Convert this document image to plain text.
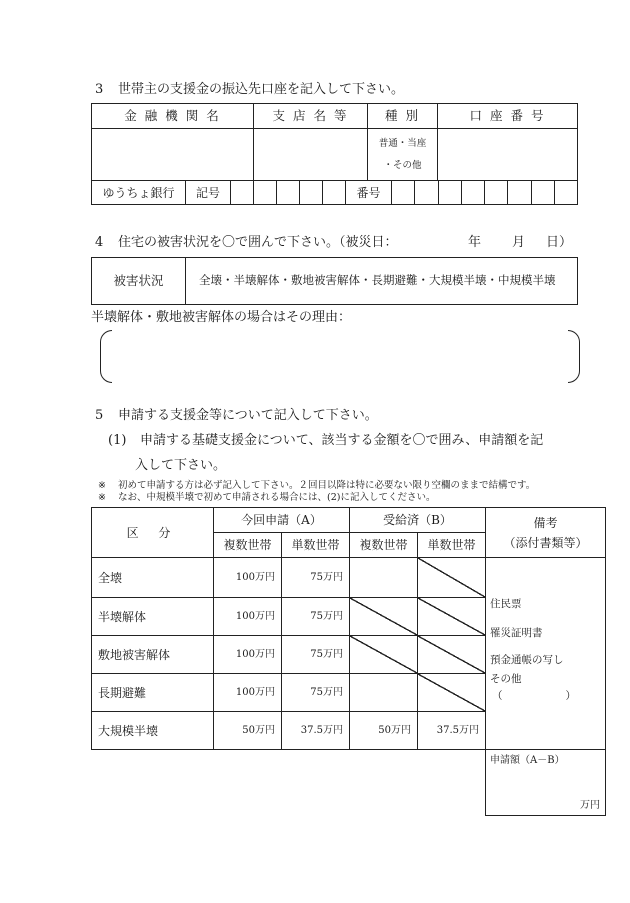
3 世帯主の支援金の振込先口座を記入して下さい。
金 融 機 関 名	支 店 名 等	種 別	口 座 番 号
普通・当座
・その他
ゆうちょ銀行 記号	番号
4 住宅の被害状況を〇で囲んで下さい。（被災日：	年 月 日）
被害状況	全壊・半壊解体・敷地被害解体・長期避難・大規模半壊・中規模半壊
半壊解体・敷地被害解体の場合はその理由：
5 申請する支援金等について記入して下さい。
(1) 申請する基礎支援金について、該当する金額を〇で囲み、申請額を記
入して下さい。
※ 初めて申請する方は必ず記入して下さい。２回目以降は特に必要ない限り空欄のままで結構です。
※ なお、中規模半壊で初めて申請される場合には、(2)に記入してください。
区 分
今回申請（A）	受給済（B）	備考
（添付書類等）
複数世帯 単数世帯 複数世帯 単数世帯
全壊	100万円	75万円
半壊解体	100万円	75万円
敷地被害解体	100万円	75万円
長期避難	100万円	75万円
大規模半壊	50万円	37.5万円	50万円	37.5万円
住民票
罹災証明書
預金通帳の写し
その他
（　　　　　　）
申請額（A－B）
万円
